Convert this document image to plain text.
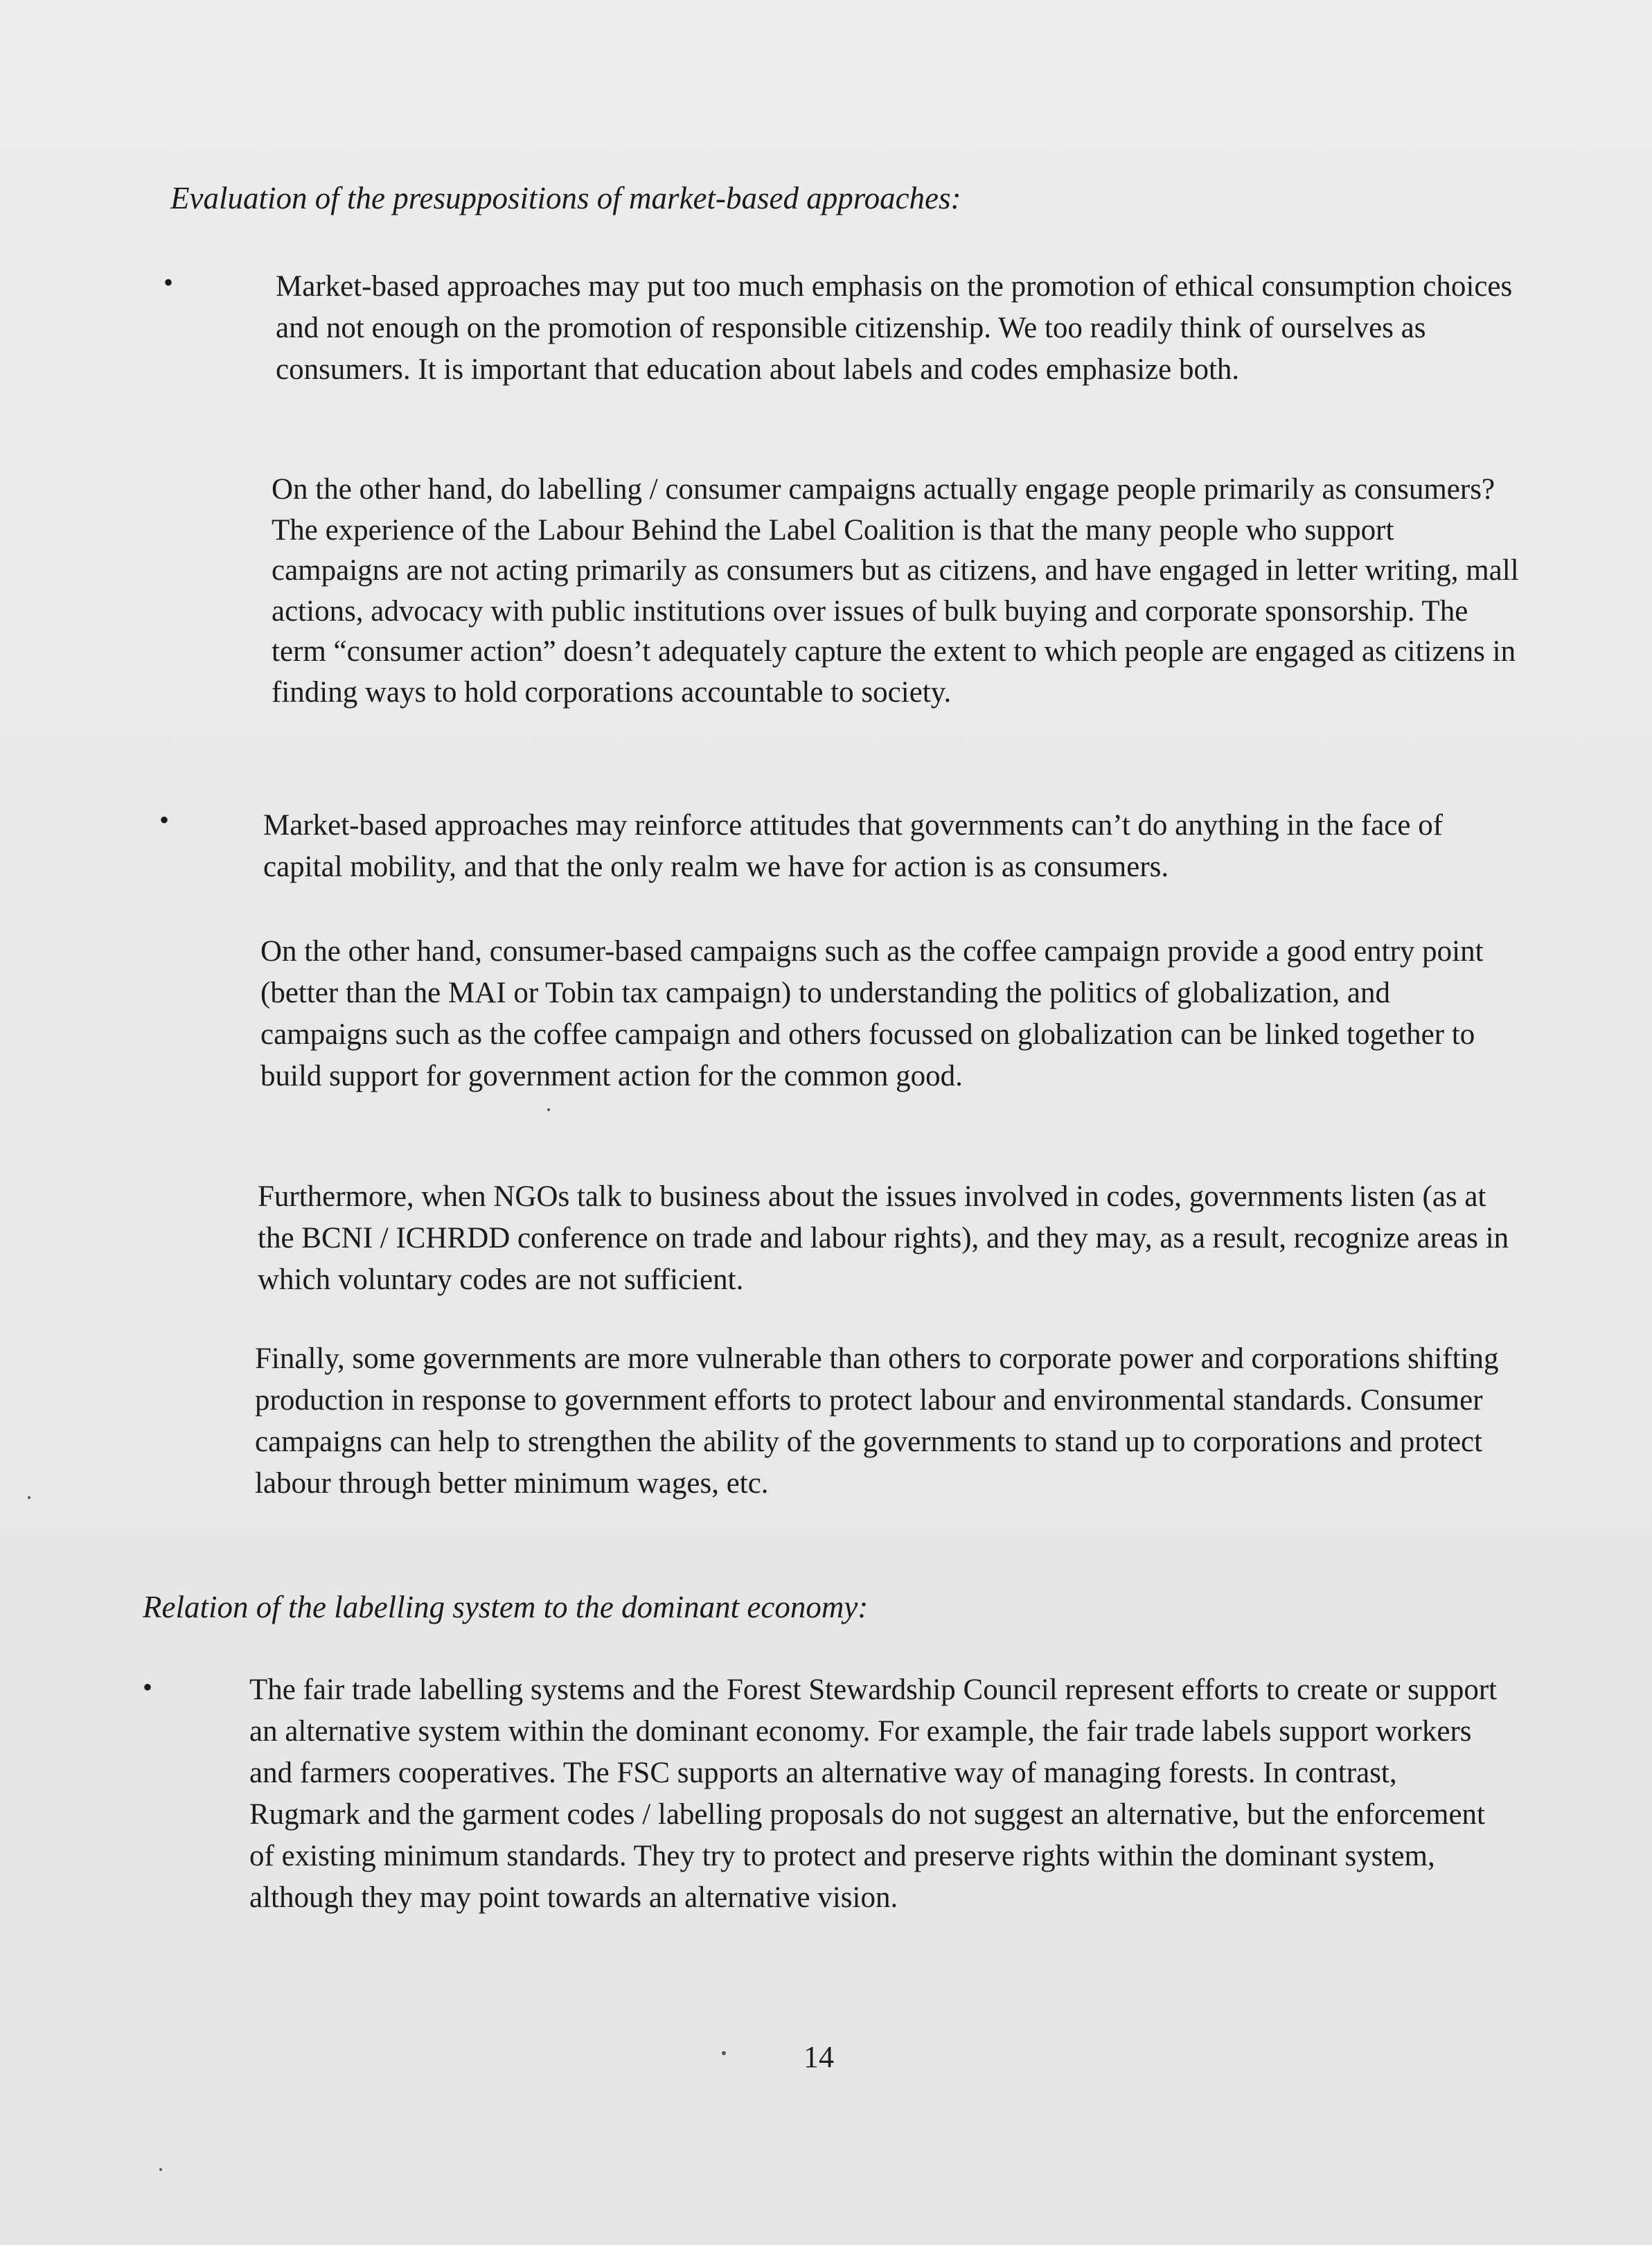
Evaluation of the presuppositions of market-based approaches:
•	Market-based approaches may put too much emphasis on the promotion of ethical consumption choices and not enough on the promotion of responsible citizenship. We too readily think of ourselves as consumers. It is important that education about labels and codes emphasize both.

On the other hand, do labelling / consumer campaigns actually engage people primarily as consumers? The experience of the Labour Behind the Label Coalition is that the many people who support campaigns are not acting primarily as consumers but as citizens, and have engaged in letter writing, mall actions, advocacy with public institutions over issues of bulk buying and corporate sponsorship. The term “consumer action” doesn’t adequately capture the extent to which people are engaged as citizens in finding ways to hold corporations accountable to society.

•	Market-based approaches may reinforce attitudes that governments can’t do anything in the face of capital mobility, and that the only realm we have for action is as consumers.

On the other hand, consumer-based campaigns such as the coffee campaign provide a good entry point (better than the MAI or Tobin tax campaign) to understanding the politics of globalization, and campaigns such as the coffee campaign and others focussed on globalization can be linked together to build support for government action for the common good.

Furthermore, when NGOs talk to business about the issues involved in codes, governments listen (as at the BCNI / ICHRDD conference on trade and labour rights), and they may, as a result, recognize areas in which voluntary codes are not sufficient.

Finally, some governments are more vulnerable than others to corporate power and corporations shifting production in response to government efforts to protect labour and environmental standards. Consumer campaigns can help to strengthen the ability of the governments to stand up to corporations and protect labour through better minimum wages, etc.

Relation of the labelling system to the dominant economy:
•	The fair trade labelling systems and the Forest Stewardship Council represent efforts to create or support an alternative system within the dominant economy. For example, the fair trade labels support workers and farmers cooperatives. The FSC supports an alternative way of managing forests. In contrast, Rugmark and the garment codes / labelling proposals do not suggest an alternative, but the enforcement of existing minimum standards. They try to protect and preserve rights within the dominant system, although they may point towards an alternative vision.

14
